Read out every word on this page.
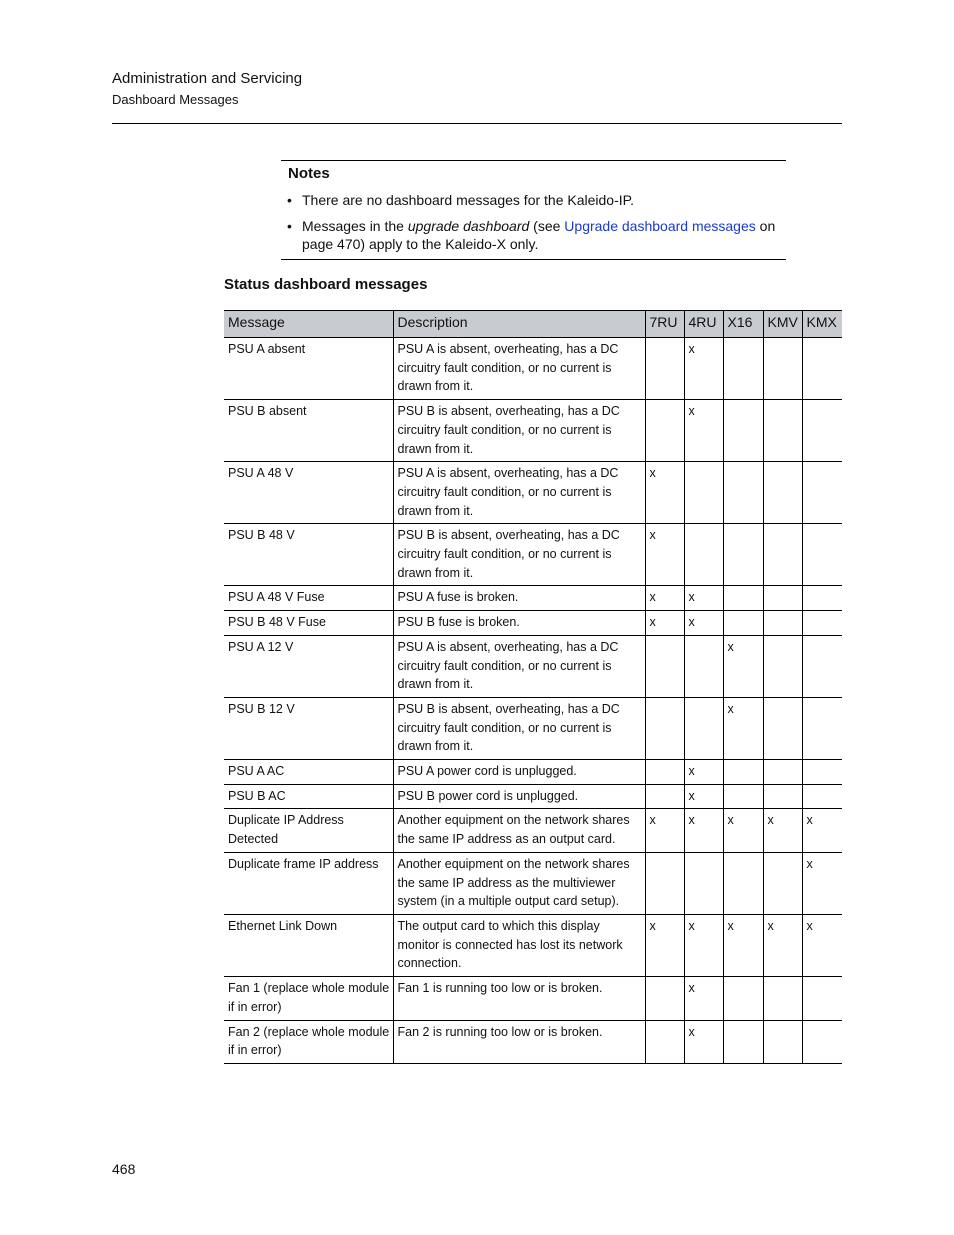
Administration and Servicing
Dashboard Messages
Notes
• There are no dashboard messages for the Kaleido-IP.
• Messages in the upgrade dashboard (see Upgrade dashboard messages on page 470) apply to the Kaleido-X only.
Status dashboard messages
Message	Description	7RU	4RU	X16	KMV	KMX
PSU A absent	PSU A is absent, overheating, has a DC circuitry fault condition, or no current is drawn from it.		x			
PSU B absent	PSU B is absent, overheating, has a DC circuitry fault condition, or no current is drawn from it.		x			
PSU A 48 V	PSU A is absent, overheating, has a DC circuitry fault condition, or no current is drawn from it.	x				
PSU B 48 V	PSU B is absent, overheating, has a DC circuitry fault condition, or no current is drawn from it.	x				
PSU A 48 V Fuse	PSU A fuse is broken.	x	x			
PSU B 48 V Fuse	PSU B fuse is broken.	x	x			
PSU A 12 V	PSU A is absent, overheating, has a DC circuitry fault condition, or no current is drawn from it.			x		
PSU B 12 V	PSU B is absent, overheating, has a DC circuitry fault condition, or no current is drawn from it.			x		
PSU A AC	PSU A power cord is unplugged.		x			
PSU B AC	PSU B power cord is unplugged.		x			
Duplicate IP Address Detected	Another equipment on the network shares the same IP address as an output card.	x	x	x	x	x
Duplicate frame IP address	Another equipment on the network shares the same IP address as the multiviewer system (in a multiple output card setup).					x
Ethernet Link Down	The output card to which this display monitor is connected has lost its network connection.	x	x	x	x	x
Fan 1 (replace whole module if in error)	Fan 1 is running too low or is broken.		x			
Fan 2 (replace whole module if in error)	Fan 2 is running too low or is broken.		x			
468
